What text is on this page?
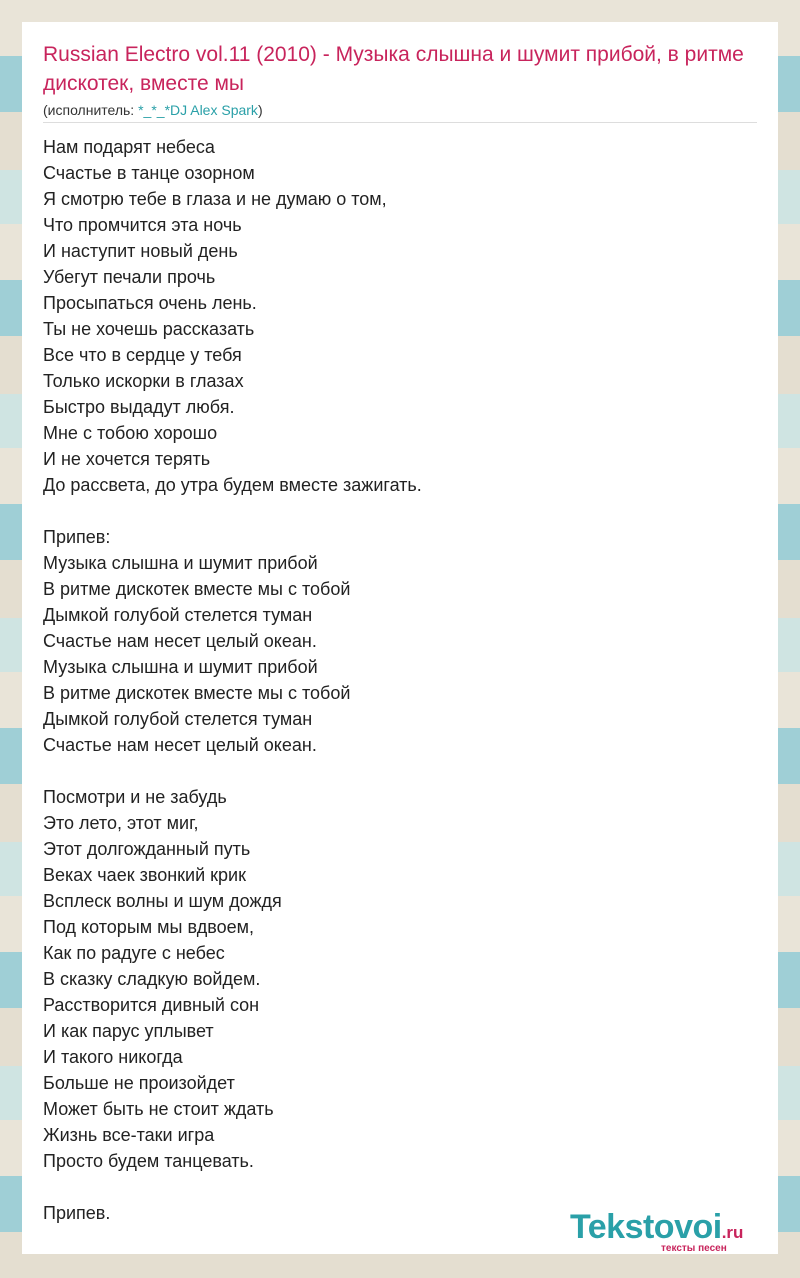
Russian Electro vol.11 (2010) - Музыка слышна и шумит прибой, в ритме дискотек, вместе мы
(исполнитель: *_*_*DJ Alex Spark)
Нам подарят небеса
Счастье в танце озорном
Я смотрю тебе в глаза и не думаю о том,
Что промчится эта ночь
И наступит новый день
Убегут печали прочь
Просыпаться очень лень.
Ты не хочешь рассказать
Все что в сердце у тебя
Только искорки в глазах
Быстро выдадут любя.
Мне с тобою хорошо
И не хочется терять
До рассвета, до утра будем вместе зажигать.
Припев:
Музыка слышна и шумит прибой
В ритме дискотек вместе мы с тобой
Дымкой голубой стелется туман
Счастье нам несет целый океан.
Музыка слышна и шумит прибой
В ритме дискотек вместе мы с тобой
Дымкой голубой стелется туман
Счастье нам несет целый океан.
Посмотри и не забудь
Это лето, этот миг,
Этот долгожданный путь
Веках чаек звонкий крик
Всплеск волны и шум дождя
Под которым мы вдвоем,
Как по радуге с небес
В сказку сладкую войдем.
Расстворится дивный сон
И как парус уплывет
И такого никогда
Больше не произойдет
Может быть не стоит ждать
Жизнь все-таки игра
Просто будем танцевать.
Припев.	Tekstovoi.ru
тексты песен
